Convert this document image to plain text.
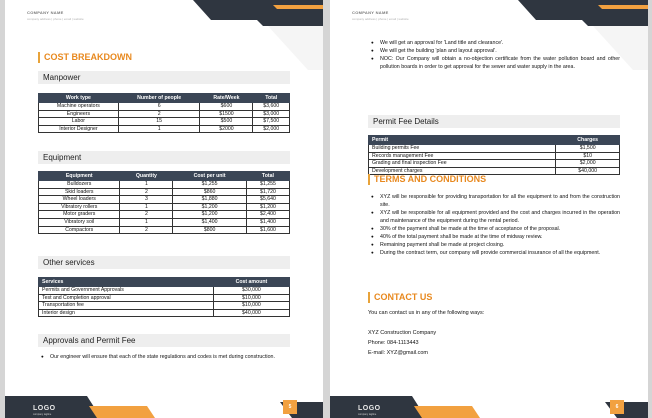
COMPANY NAME
company address | phone | email | website
COST BREAKDOWN
Manpower
Work type	Number of people	Rate/Week	Total
Machine operators	6	$600	$3,600
Engineers	2	$1500	$3,000
Labor	15	$500	$7,500
Interior Designer	1	$2000	$2,000
Equipment
Equipment	Quantity	Cost per unit	Total
Bulldozers	1	$1,255	$1,255
Skid loaders	2	$860	$1,720
Wheel loaders	3	$1,880	$5,640
Vibratory rollers	1	$1,200	$1,200
Motor graders	2	$1,200	$2,400
Vibratory soil	1	$1,400	$1,400
Compactors	2	$800	$1,600
Other services
Services	Cost amount
Permits and Government Approvals	$30,000
Test and Completion approval	$10,000
Transportation fee	$10,000
Interior design	$40,000
Approvals and Permit Fee
● Our engineer will ensure that each of the state regulations and codes is met during construction.
LOGO
company tagline
5
COMPANY NAME
company address | phone | email | website
● We will get an approval for 'Land title and clearance'.
● We will get the building 'plan and layout approval'.
● NOC: Our Company will obtain a no-objection certificate from the water pollution board and other pollution boards in order to get approval for the sewer and water supply in the area.
Permit Fee Details
Permit	Charges
Building permits Fee	$1,500
Records management Fee	$10
Grading and final inspection Fee	$2,000
Development charges	$40,000
TERMS AND CONDITIONS
● XYZ will be responsible for providing transportation for all the equipment to and from the construction site.
● XYZ will be responsible for all equipment provided and the cost and charges incurred in the operation and maintenance of the equipment during the rental period.
● 30% of the payment shall be made at the time of acceptance of the proposal.
● 40% of the total payment shall be made at the time of midway review.
● Remaining payment shall be made at project closing.
● During the contract term, our company will provide commercial insurance of all the equipment.
CONTACT US
You can contact us in any of the following ways:
XYZ Construction Company
Phone: 084-1113443
E-mail: XYZ@gmail.com
LOGO
company tagline
6
